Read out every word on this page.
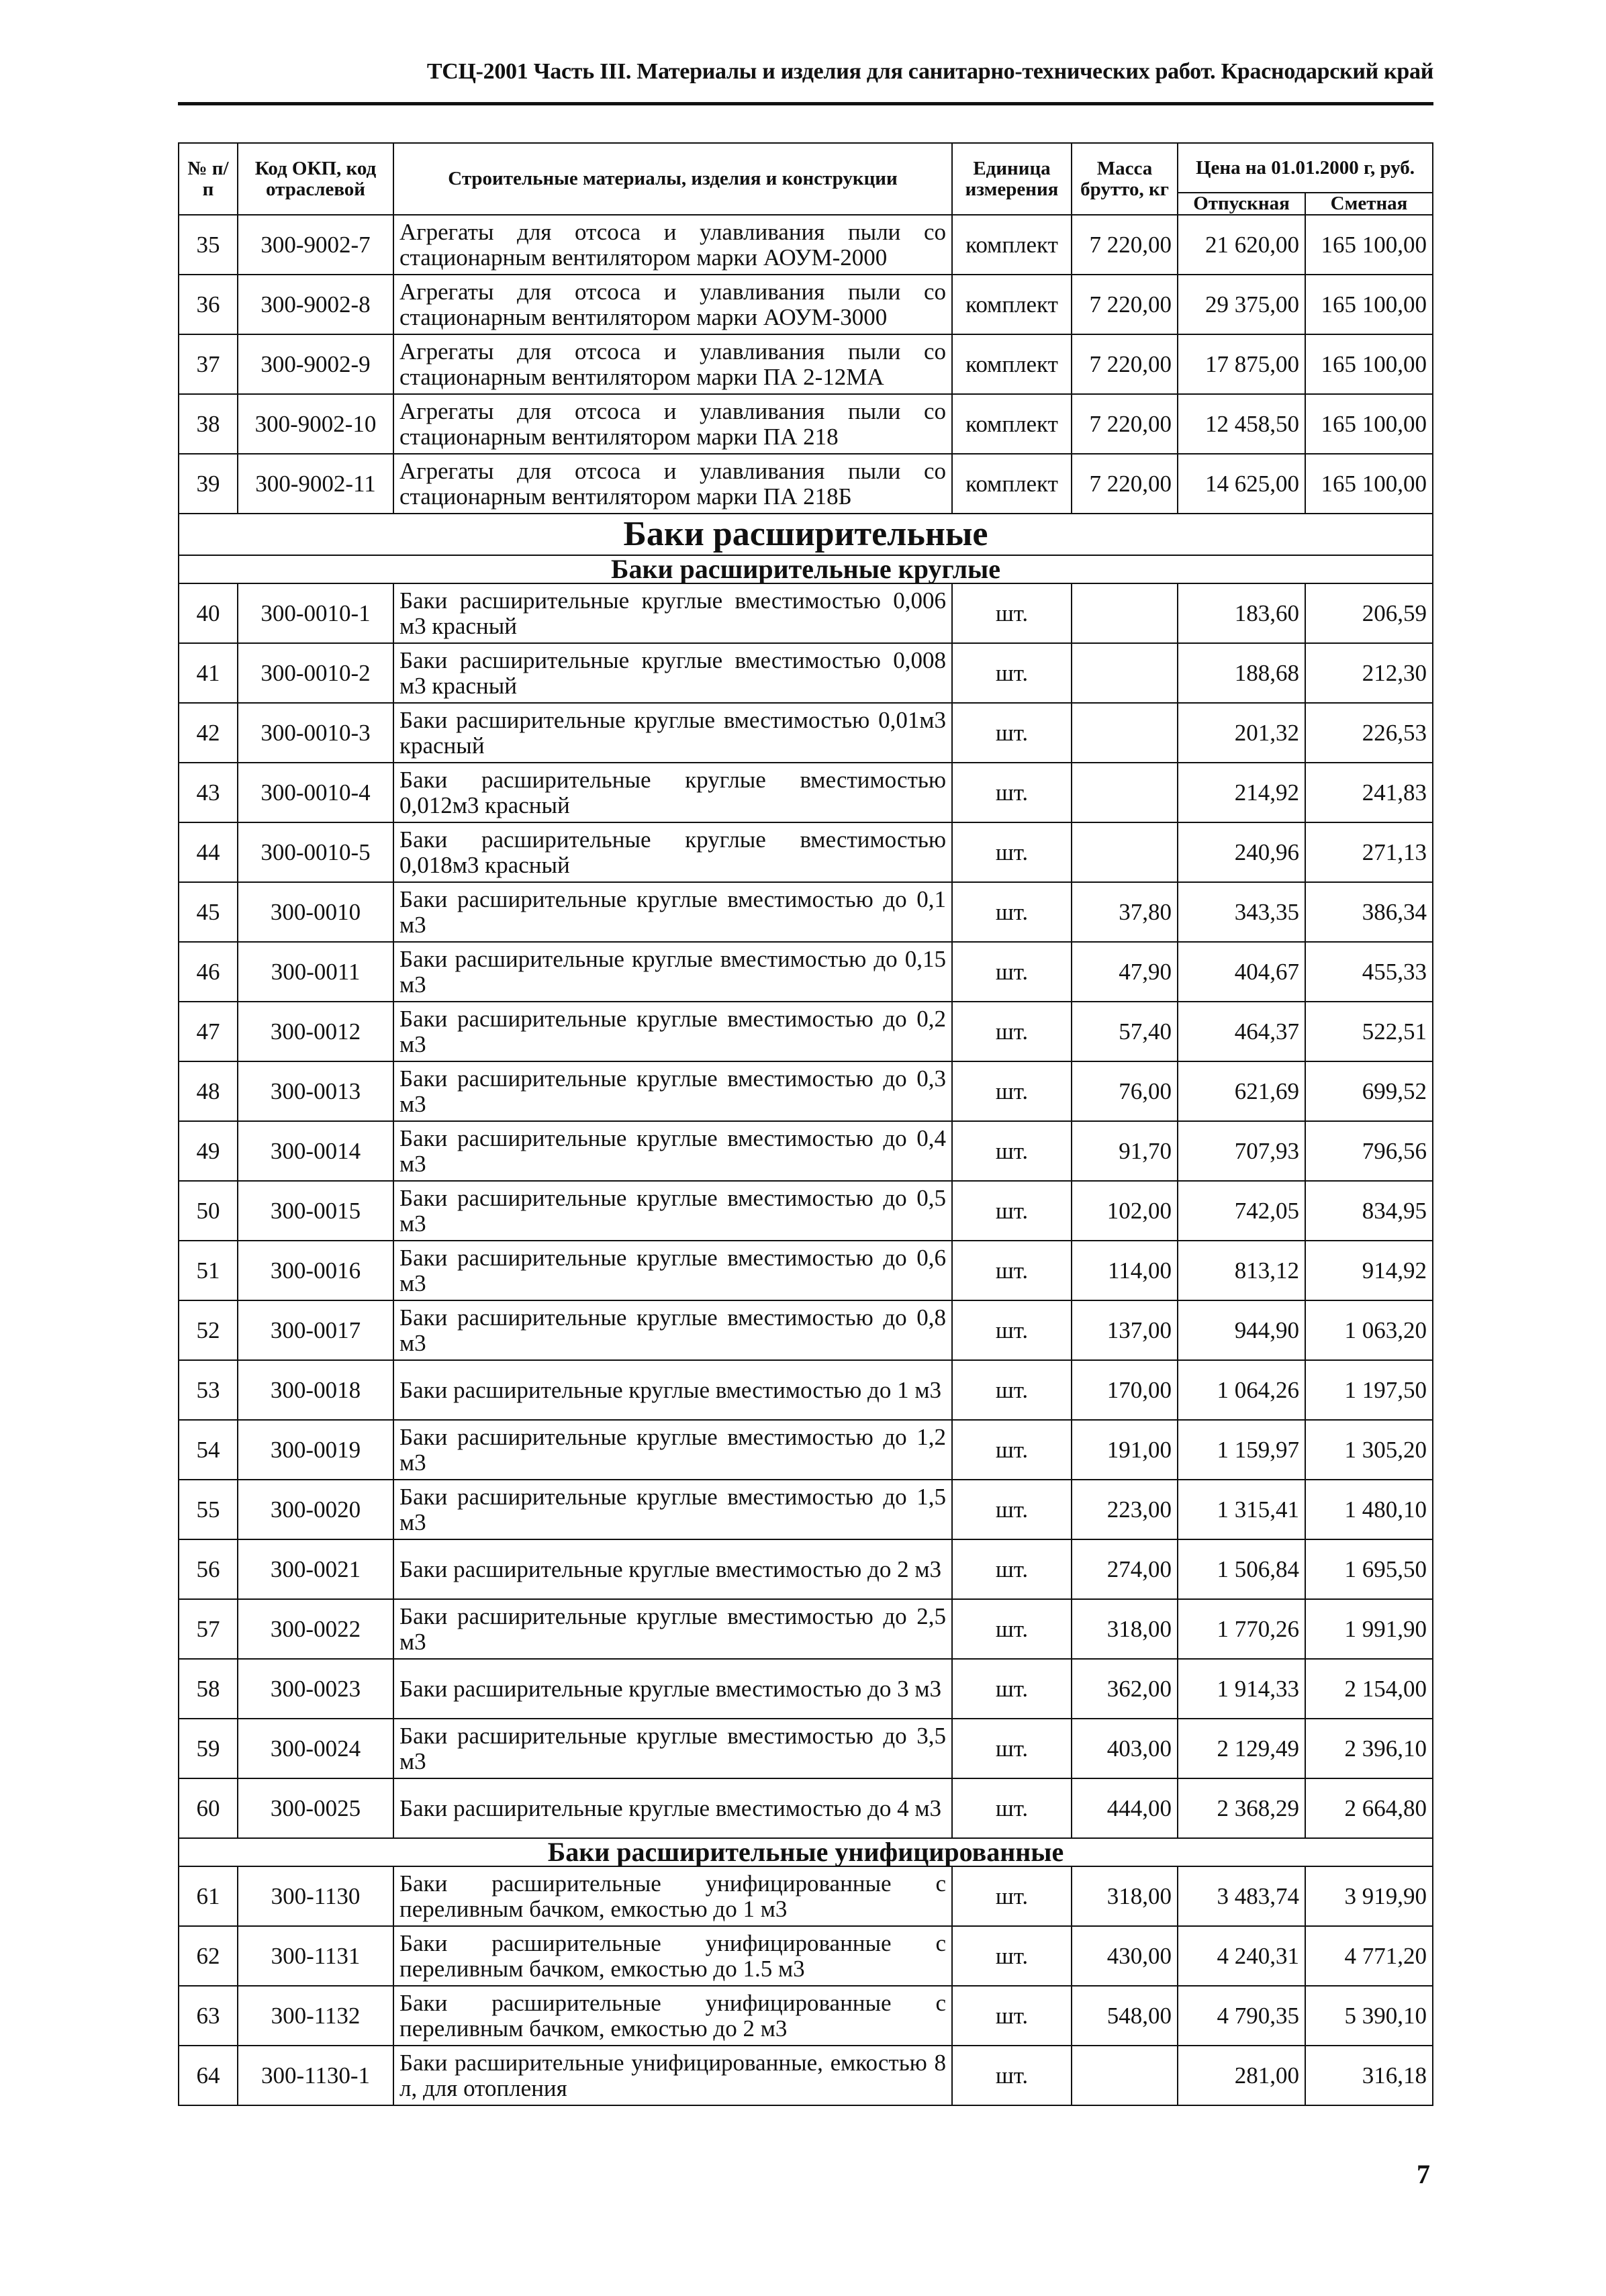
ТСЦ-2001 Часть III. Материалы и изделия для санитарно-технических работ. Краснодарский край
№ п/п	Код ОКП, код отраслевой	Строительные материалы, изделия и конструкции	Единица измерения	Масса брутто, кг	Цена на 01.01.2000 г, руб.	
					Отпускная	Сметная
35	300-9002-7	Агрегаты для отсоса и улавливания пыли со стационарным вентилятором марки АОУМ-2000	комплект	7 220,00	21 620,00	165 100,00
36	300-9002-8	Агрегаты для отсоса и улавливания пыли со стационарным вентилятором марки АОУМ-3000	комплект	7 220,00	29 375,00	165 100,00
37	300-9002-9	Агрегаты для отсоса и улавливания пыли со стационарным вентилятором марки ПА 2-12МА	комплект	7 220,00	17 875,00	165 100,00
38	300-9002-10	Агрегаты для отсоса и улавливания пыли со стационарным вентилятором марки ПА 218	комплект	7 220,00	12 458,50	165 100,00
39	300-9002-11	Агрегаты для отсоса и улавливания пыли со стационарным вентилятором марки ПА 218Б	комплект	7 220,00	14 625,00	165 100,00
Баки расширительные						
Баки расширительные круглые						
40	300-0010-1	Баки расширительные круглые вместимостью 0,006 м3 красный	шт.		183,60	206,59
41	300-0010-2	Баки расширительные круглые вместимостью 0,008 м3 красный	шт.		188,68	212,30
42	300-0010-3	Баки расширительные круглые вместимостью 0,01м3 красный	шт.		201,32	226,53
43	300-0010-4	Баки расширительные круглые вместимостью 0,012м3 красный	шт.		214,92	241,83
44	300-0010-5	Баки расширительные круглые вместимостью 0,018м3 красный	шт.		240,96	271,13
45	300-0010	Баки расширительные круглые вместимостью до 0,1 м3	шт.	37,80	343,35	386,34
46	300-0011	Баки расширительные круглые вместимостью до 0,15 м3	шт.	47,90	404,67	455,33
47	300-0012	Баки расширительные круглые вместимостью до 0,2 м3	шт.	57,40	464,37	522,51
48	300-0013	Баки расширительные круглые вместимостью до 0,3 м3	шт.	76,00	621,69	699,52
49	300-0014	Баки расширительные круглые вместимостью до 0,4 м3	шт.	91,70	707,93	796,56
50	300-0015	Баки расширительные круглые вместимостью до 0,5 м3	шт.	102,00	742,05	834,95
51	300-0016	Баки расширительные круглые вместимостью до 0,6 м3	шт.	114,00	813,12	914,92
52	300-0017	Баки расширительные круглые вместимостью до 0,8 м3	шт.	137,00	944,90	1 063,20
53	300-0018	Баки расширительные круглые вместимостью до 1 м3	шт.	170,00	1 064,26	1 197,50
54	300-0019	Баки расширительные круглые вместимостью до 1,2 м3	шт.	191,00	1 159,97	1 305,20
55	300-0020	Баки расширительные круглые вместимостью до 1,5 м3	шт.	223,00	1 315,41	1 480,10
56	300-0021	Баки расширительные круглые вместимостью до 2 м3	шт.	274,00	1 506,84	1 695,50
57	300-0022	Баки расширительные круглые вместимостью до 2,5 м3	шт.	318,00	1 770,26	1 991,90
58	300-0023	Баки расширительные круглые вместимостью до 3 м3	шт.	362,00	1 914,33	2 154,00
59	300-0024	Баки расширительные круглые вместимостью до 3,5 м3	шт.	403,00	2 129,49	2 396,10
60	300-0025	Баки расширительные круглые вместимостью до 4 м3	шт.	444,00	2 368,29	2 664,80
Баки расширительные унифицированные						
61	300-1130	Баки расширительные унифицированные с переливным бачком, емкостью до 1 м3	шт.	318,00	3 483,74	3 919,90
62	300-1131	Баки расширительные унифицированные с переливным бачком, емкостью до 1.5 м3	шт.	430,00	4 240,31	4 771,20
63	300-1132	Баки расширительные унифицированные с переливным бачком, емкостью до 2 м3	шт.	548,00	4 790,35	5 390,10
64	300-1130-1	Баки расширительные унифицированные, емкостью 8 л, для отопления	шт.		281,00	316,18
7
